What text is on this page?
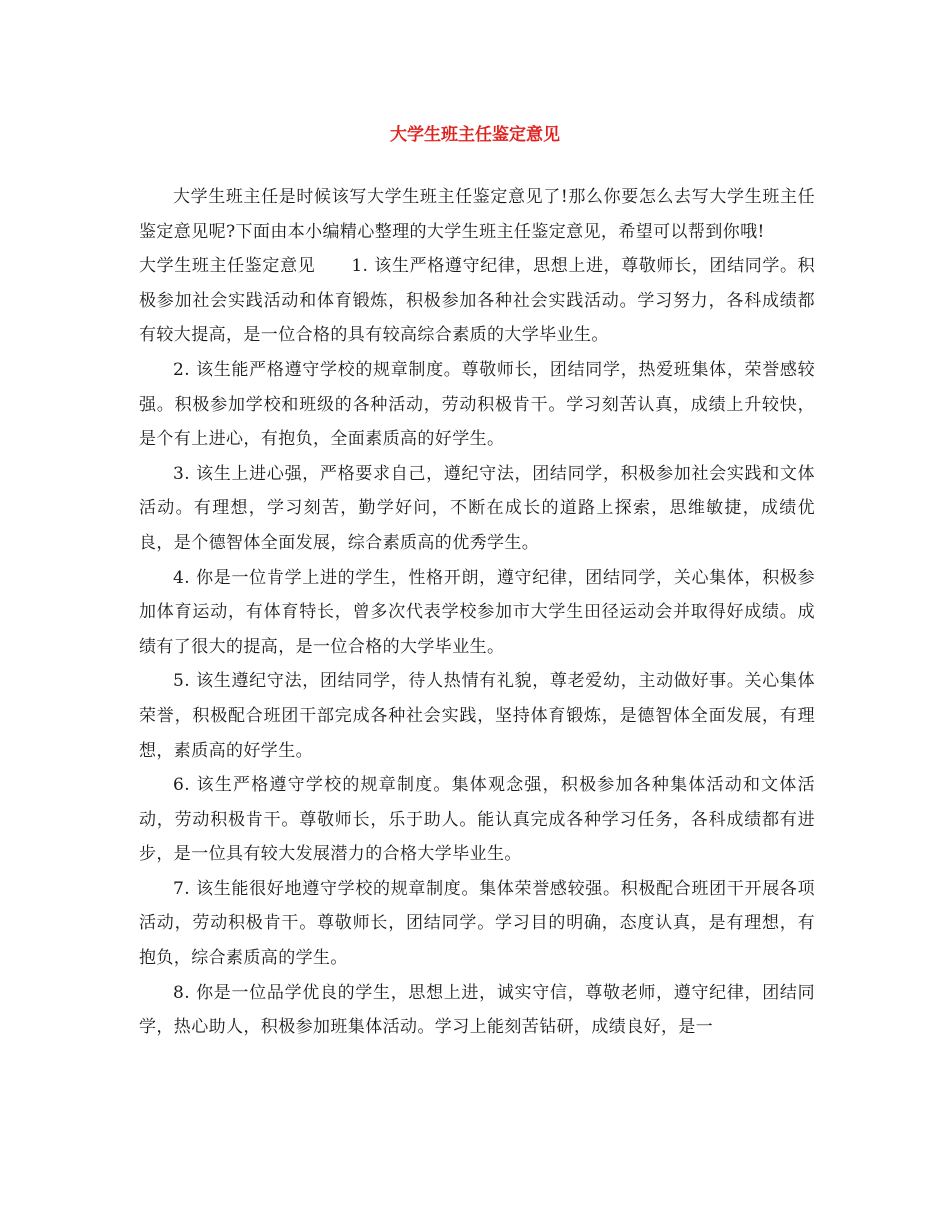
大学生班主任鉴定意见

大学生班主任是时候该写大学生班主任鉴定意见了!那么你要怎么去写大学生班主任鉴定意见呢?下面由本小编精心整理的大学生班主任鉴定意见，希望可以帮到你哦!

大学生班主任鉴定意见 1. 该生严格遵守纪律，思想上进，尊敬师长，团结同学。积极参加社会实践活动和体育锻炼，积极参加各种社会实践活动。学习努力，各科成绩都有较大提高，是一位合格的具有较高综合素质的大学毕业生。

2. 该生能严格遵守学校的规章制度。尊敬师长，团结同学，热爱班集体，荣誉感较强。积极参加学校和班级的各种活动，劳动积极肯干。学习刻苦认真，成绩上升较快，是个有上进心，有抱负，全面素质高的好学生。

3. 该生上进心强，严格要求自己，遵纪守法，团结同学，积极参加社会实践和文体活动。有理想，学习刻苦，勤学好问，不断在成长的道路上探索，思维敏捷，成绩优良，是个德智体全面发展，综合素质高的优秀学生。

4. 你是一位肯学上进的学生，性格开朗，遵守纪律，团结同学，关心集体，积极参加体育运动，有体育特长，曾多次代表学校参加市大学生田径运动会并取得好成绩。成绩有了很大的提高，是一位合格的大学毕业生。

5. 该生遵纪守法，团结同学，待人热情有礼貌，尊老爱幼，主动做好事。关心集体荣誉，积极配合班团干部完成各种社会实践，坚持体育锻炼，是德智体全面发展，有理想，素质高的好学生。

6. 该生严格遵守学校的规章制度。集体观念强，积极参加各种集体活动和文体活动，劳动积极肯干。尊敬师长，乐于助人。能认真完成各种学习任务，各科成绩都有进步，是一位具有较大发展潜力的合格大学毕业生。

7. 该生能很好地遵守学校的规章制度。集体荣誉感较强。积极配合班团干开展各项活动，劳动积极肯干。尊敬师长，团结同学。学习目的明确，态度认真，是有理想，有抱负，综合素质高的学生。

8. 你是一位品学优良的学生，思想上进，诚实守信，尊敬老师，遵守纪律，团结同学，热心助人，积极参加班集体活动。学习上能刻苦钻研，成绩良好，是一
